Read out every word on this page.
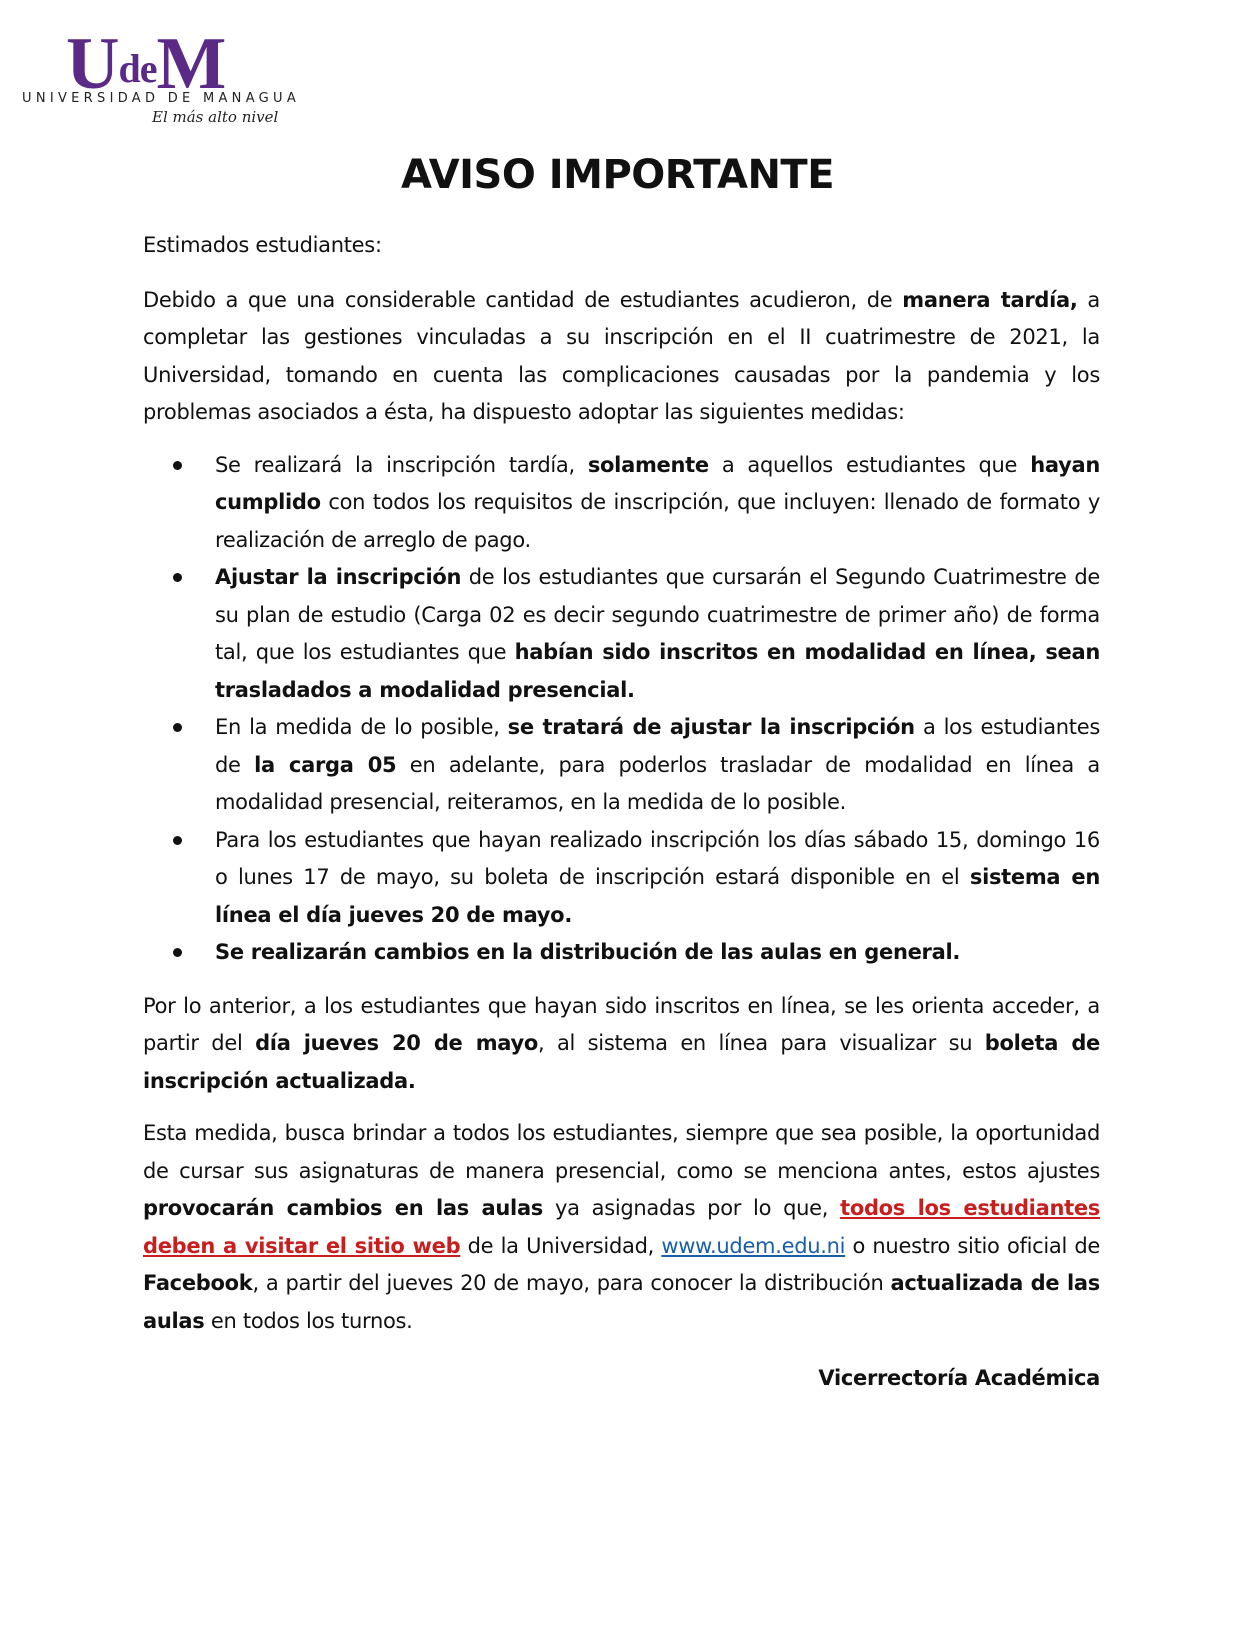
UdeM
UNIVERSIDAD DE MANAGUA
El más alto nivel
AVISO IMPORTANTE

Estimados estudiantes:

Debido a que una considerable cantidad de estudiantes acudieron, de manera tardía, a completar las gestiones vinculadas a su inscripción en el II cuatrimestre de 2021, la Universidad, tomando en cuenta las complicaciones causadas por la pandemia y los problemas asociados a ésta, ha dispuesto adoptar las siguientes medidas:

Se realizará la inscripción tardía, solamente a aquellos estudiantes que hayan cumplido con todos los requisitos de inscripción, que incluyen: llenado de formato y realización de arreglo de pago.
Ajustar la inscripción de los estudiantes que cursarán el Segundo Cuatrimestre de su plan de estudio (Carga 02 es decir segundo cuatrimestre de primer año) de forma tal, que los estudiantes que habían sido inscritos en modalidad en línea, sean trasladados a modalidad presencial.
En la medida de lo posible, se tratará de ajustar la inscripción a los estudiantes de la carga 05 en adelante, para poderlos trasladar de modalidad en línea a modalidad presencial, reiteramos, en la medida de lo posible.
Para los estudiantes que hayan realizado inscripción los días sábado 15, domingo 16 o lunes 17 de mayo, su boleta de inscripción estará disponible en el sistema en línea el día jueves 20 de mayo.
Se realizarán cambios en la distribución de las aulas en general.

Por lo anterior, a los estudiantes que hayan sido inscritos en línea, se les orienta acceder, a partir del día jueves 20 de mayo, al sistema en línea para visualizar su boleta de inscripción actualizada.

Esta medida, busca brindar a todos los estudiantes, siempre que sea posible, la oportunidad de cursar sus asignaturas de manera presencial, como se menciona antes, estos ajustes provocarán cambios en las aulas ya asignadas por lo que, todos los estudiantes deben a visitar el sitio web de la Universidad, www.udem.edu.ni o nuestro sitio oficial de Facebook, a partir del jueves 20 de mayo, para conocer la distribución actualizada de las aulas en todos los turnos.

Vicerrectoría Académica
